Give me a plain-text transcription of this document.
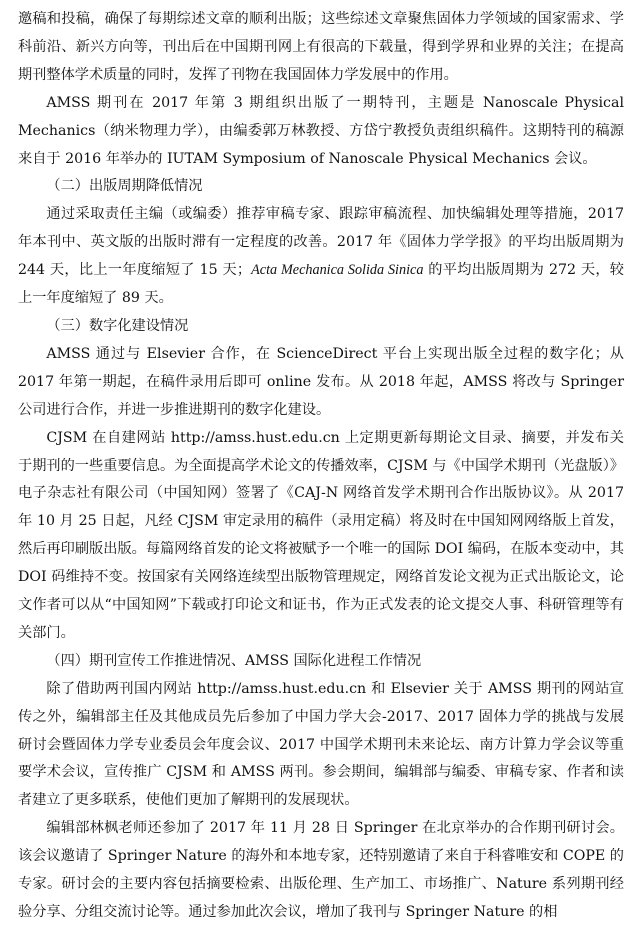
邀稿和投稿，确保了每期综述文章的顺利出版；这些综述文章聚焦固体力学领域的国家需求、学科前沿、新兴方向等，刊出后在中国期刊网上有很高的下载量，得到学界和业界的关注；在提高期刊整体学术质量的同时，发挥了刊物在我国固体力学发展中的作用。

AMSS 期刊在 2017 年第 3 期组织出版了一期特刊，主题是 Nanoscale Physical Mechanics（纳米物理力学），由编委郭万林教授、方岱宁教授负责组织稿件。这期特刊的稿源来自于 2016 年举办的 IUTAM Symposium of Nanoscale Physical Mechanics 会议。

（二）出版周期降低情况

通过采取责任主编（或编委）推荐审稿专家、跟踪审稿流程、加快编辑处理等措施，2017 年本刊中、英文版的出版时滞有一定程度的改善。2017 年《固体力学学报》的平均出版周期为 244 天，比上一年度缩短了 15 天；Acta Mechanica Solida Sinica 的平均出版周期为 272 天，较上一年度缩短了 89 天。

（三）数字化建设情况

AMSS 通过与 Elsevier 合作，在 ScienceDirect 平台上实现出版全过程的数字化；从 2017 年第一期起，在稿件录用后即可 online 发布。从 2018 年起，AMSS 将改与 Springer 公司进行合作，并进一步推进期刊的数字化建设。

CJSM 在自建网站 http://amss.hust.edu.cn 上定期更新每期论文目录、摘要，并发布关于期刊的一些重要信息。为全面提高学术论文的传播效率，CJSM 与《中国学术期刊（光盘版）》电子杂志社有限公司（中国知网）签署了《CAJ-N 网络首发学术期刊合作出版协议》。从 2017 年 10 月 25 日起，凡经 CJSM 审定录用的稿件（录用定稿）将及时在中国知网网络版上首发，然后再印刷版出版。每篇网络首发的论文将被赋予一个唯一的国际 DOI 编码，在版本变动中，其 DOI 码维持不变。按国家有关网络连续型出版物管理规定，网络首发论文视为正式出版论文，论文作者可以从“中国知网”下载或打印论文和证书，作为正式发表的论文提交人事、科研管理等有关部门。

（四）期刊宣传工作推进情况、AMSS 国际化进程工作情况

除了借助两刊国内网站 http://amss.hust.edu.cn 和 Elsevier 关于 AMSS 期刊的网站宣传之外，编辑部主任及其他成员先后参加了中国力学大会-2017、2017 固体力学的挑战与发展研讨会暨固体力学专业委员会年度会议、2017 中国学术期刊未来论坛、南方计算力学会议等重要学术会议，宣传推广 CJSM 和 AMSS 两刊。参会期间，编辑部与编委、审稿专家、作者和读者建立了更多联系，使他们更加了解期刊的发展现状。

编辑部林枫老师还参加了 2017 年 11 月 28 日 Springer 在北京举办的合作期刊研讨会。该会议邀请了 Springer Nature 的海外和本地专家，还特别邀请了来自于科睿唯安和 COPE 的专家。研讨会的主要内容包括摘要检索、出版伦理、生产加工、市场推广、Nature 系列期刊经验分享、分组交流讨论等。通过参加此次会议，增加了我刊与 Springer Nature 的相
